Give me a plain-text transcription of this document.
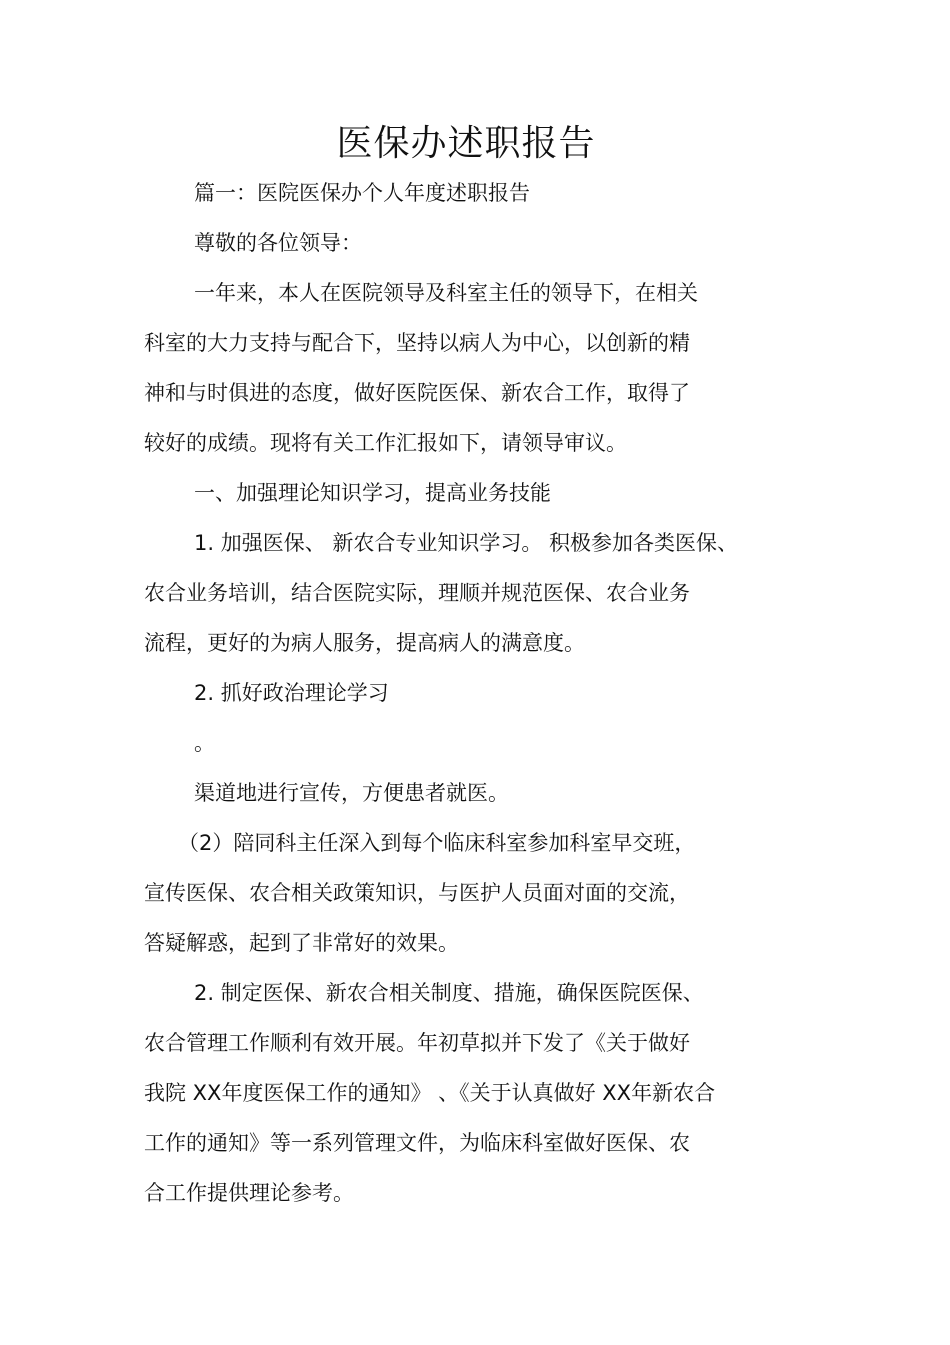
医保办述职报告
篇一：医院医保办个人年度述职报告
尊敬的各位领导：
一年来，本人在医院领导及科室主任的领导下，在相关
科室的大力支持与配合下，坚持以病人为中心，以创新的精
神和与时俱进的态度，做好医院医保、新农合工作，取得了
较好的成绩。现将有关工作汇报如下，请领导审议。
一、加强理论知识学习，提高业务技能
1. 加强医保、 新农合专业知识学习。 积极参加各类医保、
农合业务培训，结合医院实际，理顺并规范医保、农合业务
流程，更好的为病人服务，提高病人的满意度。
2. 抓好政治理论学习
。
渠道地进行宣传，方便患者就医。
（2）陪同科主任深入到每个临床科室参加科室早交班，
宣传医保、农合相关政策知识，与医护人员面对面的交流，
答疑解惑，起到了非常好的效果。
2. 制定医保、新农合相关制度、措施，确保医院医保、
农合管理工作顺利有效开展。年初草拟并下发了《关于做好
我院 XX年度医保工作的通知》 、《关于认真做好 XX年新农合
工作的通知》等一系列管理文件，为临床科室做好医保、农
合工作提供理论参考。
